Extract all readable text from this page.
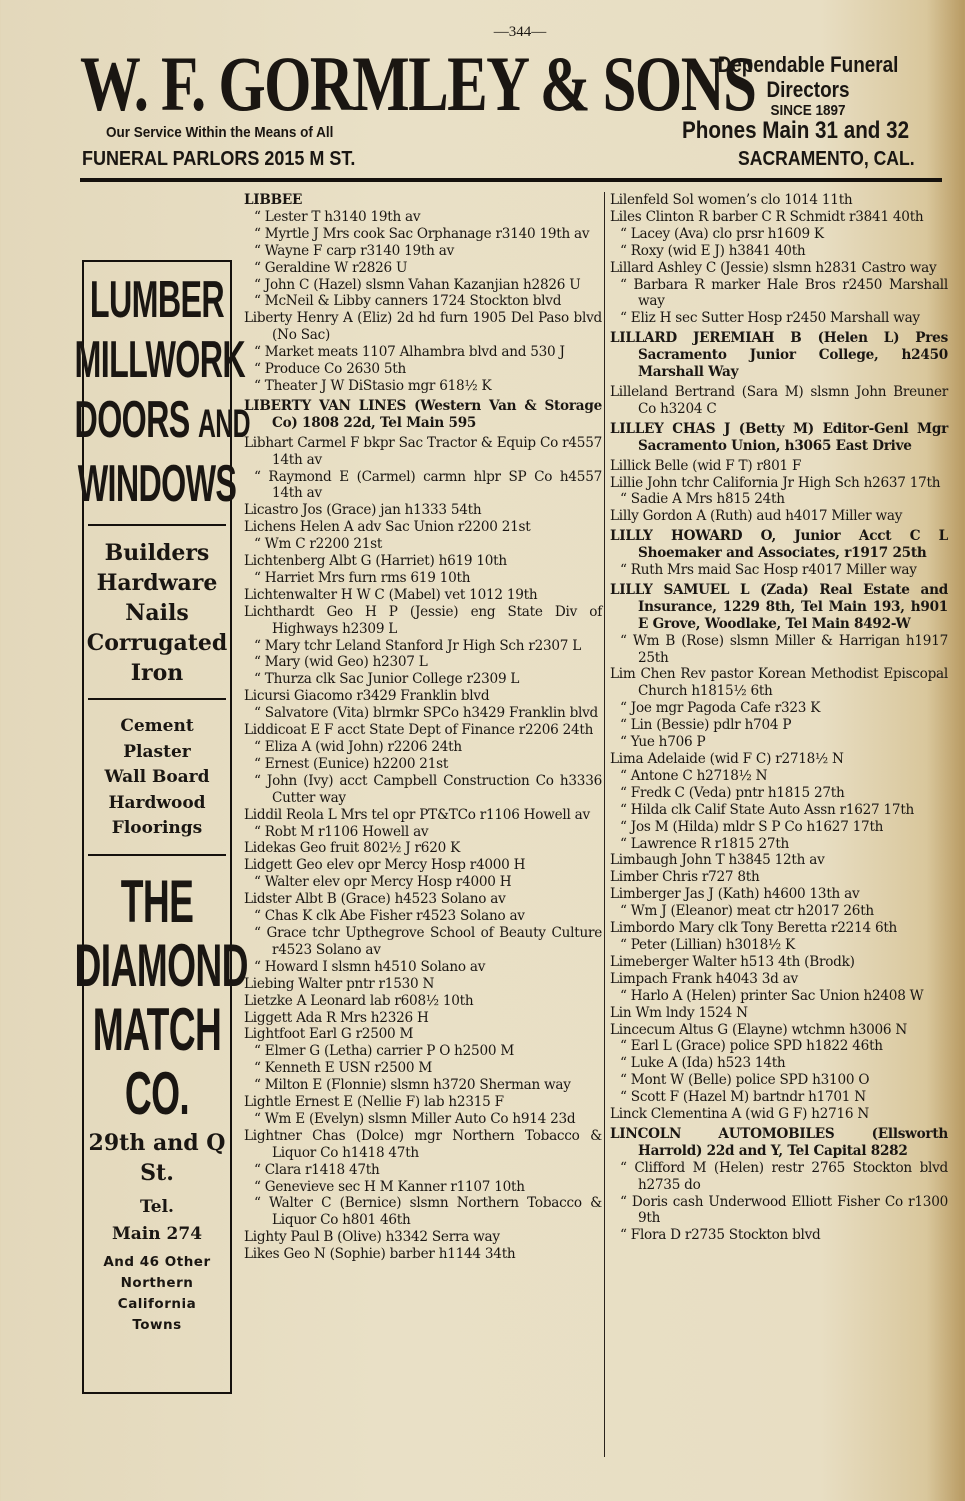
—344—
W. F. GORMLEY & SONS
Our Service Within the Means of All
FUNERAL PARLORS 2015 M ST.
Dependable Funeral
Directors
SINCE 1897
Phones Main 31 and 32
SACRAMENTO, CAL.
LUMBER
MILLWORK
DOORS AND
WINDOWS
Builders
Hardware
Nails
Corrugated
Iron
Cement
Plaster
Wall Board
Hardwood
Floorings
THE
DIAMOND
MATCH
CO.
29th and Q
St.
Tel.
Main 274
And 46 Other
Northern
California
Towns
LIBBEE
“ Lester T h3140 19th av
“ Myrtle J Mrs cook Sac Orphanage r3140 19th av
“ Wayne F carp r3140 19th av
“ Geraldine W r2826 U
“ John C (Hazel) slsmn Vahan Kazanjian h2826 U
“ McNeil & Libby canners 1724 Stockton blvd
Liberty Henry A (Eliz) 2d hd furn 1905 Del Paso blvd (No Sac)
“ Market meats 1107 Alhambra blvd and 530 J
“ Produce Co 2630 5th
“ Theater J W DiStasio mgr 618½ K
LIBERTY VAN LINES (Western Van & Storage Co) 1808 22d, Tel Main 595
Libhart Carmel F bkpr Sac Tractor & Equip Co r4557 14th av
“ Raymond E (Carmel) carmn hlpr SP Co h4557 14th av
Licastro Jos (Grace) jan h1333 54th
Lichens Helen A adv Sac Union r2200 21st
“ Wm C r2200 21st
Lichtenberg Albt G (Harriet) h619 10th
“ Harriet Mrs furn rms 619 10th
Lichtenwalter H W C (Mabel) vet 1012 19th
Lichthardt Geo H P (Jessie) eng State Div of Highways h2309 L
“ Mary tchr Leland Stanford Jr High Sch r2307 L
“ Mary (wid Geo) h2307 L
“ Thurza clk Sac Junior College r2309 L
Licursi Giacomo r3429 Franklin blvd
“ Salvatore (Vita) blrmkr SPCo h3429 Franklin blvd
Liddicoat E F acct State Dept of Finance r2206 24th
“ Eliza A (wid John) r2206 24th
“ Ernest (Eunice) h2200 21st
“ John (Ivy) acct Campbell Construction Co h3336 Cutter way
Liddil Reola L Mrs tel opr PT&TCo r1106 Howell av
“ Robt M r1106 Howell av
Lidekas Geo fruit 802½ J r620 K
Lidgett Geo elev opr Mercy Hosp r4000 H
“ Walter elev opr Mercy Hosp r4000 H
Lidster Albt B (Grace) h4523 Solano av
“ Chas K clk Abe Fisher r4523 Solano av
“ Grace tchr Upthegrove School of Beauty Culture r4523 Solano av
“ Howard I slsmn h4510 Solano av
Liebing Walter pntr r1530 N
Lietzke A Leonard lab r608½ 10th
Liggett Ada R Mrs h2326 H
Lightfoot Earl G r2500 M
“ Elmer G (Letha) carrier P O h2500 M
“ Kenneth E USN r2500 M
“ Milton E (Flonnie) slsmn h3720 Sherman way
Lightle Ernest E (Nellie F) lab h2315 F
“ Wm E (Evelyn) slsmn Miller Auto Co h914 23d
Lightner Chas (Dolce) mgr Northern Tobacco & Liquor Co h1418 47th
“ Clara r1418 47th
“ Genevieve sec H M Kanner r1107 10th
“ Walter C (Bernice) slsmn Northern Tobacco & Liquor Co h801 46th
Lighty Paul B (Olive) h3342 Serra way
Likes Geo N (Sophie) barber h1144 34th
Lilenfeld Sol women’s clo 1014 11th
Liles Clinton R barber C R Schmidt r3841 40th
“ Lacey (Ava) clo prsr h1609 K
“ Roxy (wid E J) h3841 40th
Lillard Ashley C (Jessie) slsmn h2831 Castro way
“ Barbara R marker Hale Bros r2450 Marshall way
“ Eliz H sec Sutter Hosp r2450 Marshall way
LILLARD JEREMIAH B (Helen L) Pres Sacramento Junior College, h2450 Marshall Way
Lilleland Bertrand (Sara M) slsmn John Breuner Co h3204 C
LILLEY CHAS J (Betty M) Editor-Genl Mgr Sacramento Union, h3065 East Drive
Lillick Belle (wid F T) r801 F
Lillie John tchr California Jr High Sch h2637 17th
“ Sadie A Mrs h815 24th
Lilly Gordon A (Ruth) aud h4017 Miller way
LILLY HOWARD O, Junior Acct C L Shoemaker and Associates, r1917 25th
“ Ruth Mrs maid Sac Hosp r4017 Miller way
LILLY SAMUEL L (Zada) Real Estate and Insurance, 1229 8th, Tel Main 193, h901 E Grove, Woodlake, Tel Main 8492-W
“ Wm B (Rose) slsmn Miller & Harrigan h1917 25th
Lim Chen Rev pastor Korean Methodist Episcopal Church h1815½ 6th
“ Joe mgr Pagoda Cafe r323 K
“ Lin (Bessie) pdlr h704 P
“ Yue h706 P
Lima Adelaide (wid F C) r2718½ N
“ Antone C h2718½ N
“ Fredk C (Veda) pntr h1815 27th
“ Hilda clk Calif State Auto Assn r1627 17th
“ Jos M (Hilda) mldr S P Co h1627 17th
“ Lawrence R r1815 27th
Limbaugh John T h3845 12th av
Limber Chris r727 8th
Limberger Jas J (Kath) h4600 13th av
“ Wm J (Eleanor) meat ctr h2017 26th
Limbordo Mary clk Tony Beretta r2214 6th
“ Peter (Lillian) h3018½ K
Limeberger Walter h513 4th (Brodk)
Limpach Frank h4043 3d av
“ Harlo A (Helen) printer Sac Union h2408 W
Lin Wm lndy 1524 N
Lincecum Altus G (Elayne) wtchmn h3006 N
“ Earl L (Grace) police SPD h1822 46th
“ Luke A (Ida) h523 14th
“ Mont W (Belle) police SPD h3100 O
“ Scott F (Hazel M) bartndr h1701 N
Linck Clementina A (wid G F) h2716 N
LINCOLN AUTOMOBILES (Ellsworth Harrold) 22d and Y, Tel Capital 8282
“ Clifford M (Helen) restr 2765 Stockton blvd h2735 do
“ Doris cash Underwood Elliott Fisher Co r1300 9th
“ Flora D r2735 Stockton blvd
